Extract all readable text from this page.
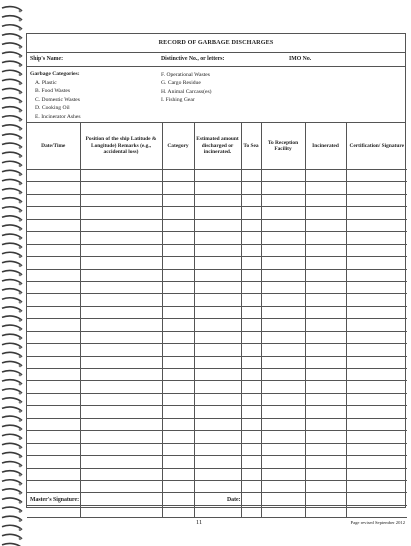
RECORD OF GARBAGE DISCHARGES
Ship's Name:	Distinctive No., or letters:	IMO No.
Garbage Categories:
A. Plastic
B. Food Wastes
C. Domestic Wastes
D. Cooking Oil
E. Incinerator Ashes
F. Operational Wastes
G. Cargo Residue
H. Animal Carcass(es)
I. Fishing Gear
Date/Time	Position of the ship Latitude & Longitude) Remarks (e.g., accidental loss)	Category	Estimated amount discharged or incinerated.	To Sea	To Reception Facility	Incinerated	Certification/ Signature

Master's Signature:	Date:
11	Page revised September 2012
